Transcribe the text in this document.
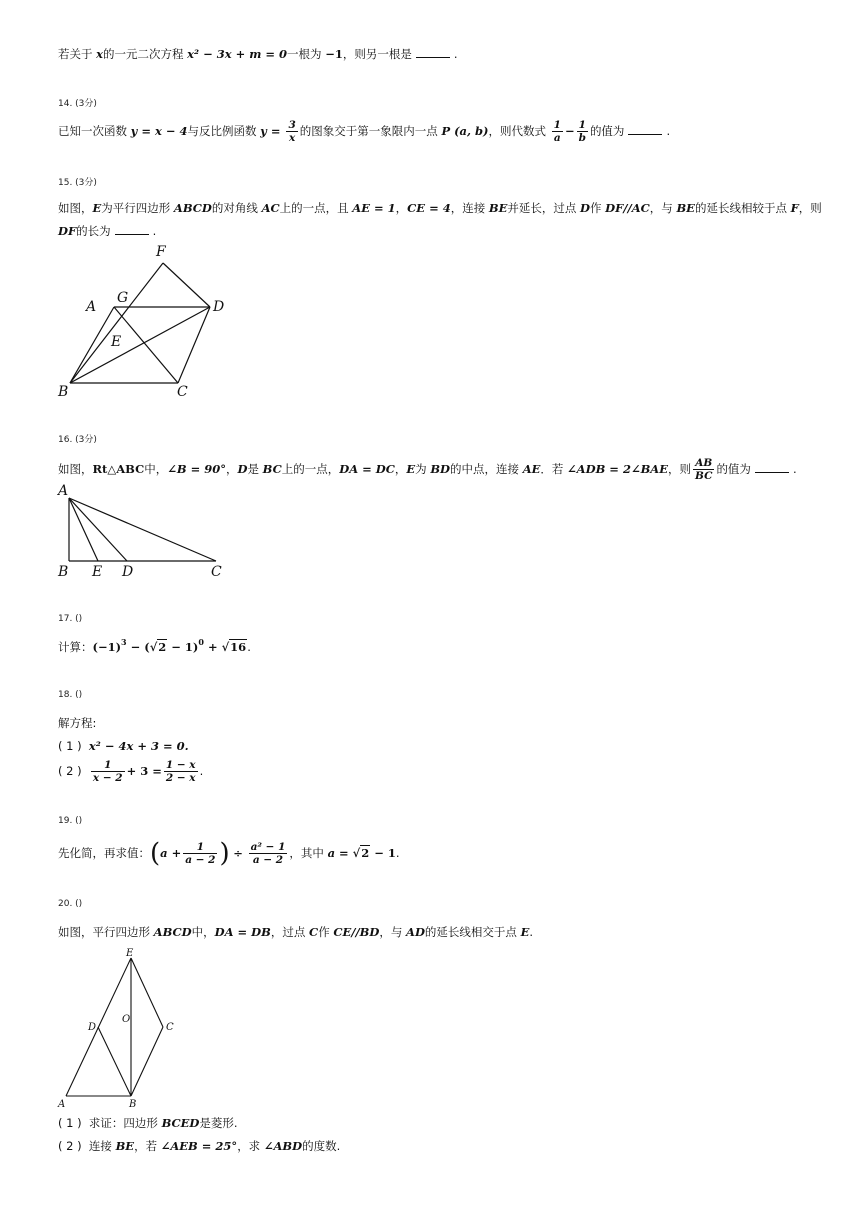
若关于 x的一元二次方程 x² − 3x + m = 0一根为 −1，则另一根是	.
14. (3分)
已知一次函数 y = x − 4与反比例函数 $y = \frac{3}{x}$ 的图象交于第一象限内一点 P (a, b)，则代数式 $\frac{1}{a} - \frac{1}{b}$ 的值为	.
15. (3分)
如图，E为平行四边形 ABCD的对角线 AC上的一点，且 AE = 1，CE = 4，连接 BE并延长，过点 D作 DF//AC，与 BE的延长线相较于点 F，则
DF的长为	.
F
A
G
D
E
B	C
16. (3分)
如图，Rt△ABC中，∠B = 90°，D是 BC上的一点，DA = DC，E为 BD的中点，连接 AE．若 ∠ADB = 2∠BAE，则 $\frac{AB}{BC}$ 的值为	.
A
B E D	C
17. ()
计算：$(-1)^3 - (√2 - 1)^0 + √16$.
18. ()
解方程:
( 1 ) x² − 4x + 3 = 0.
( 2 ) $\frac{1}{x - 2} + 3 = \frac{1 - x}{2 - x}$ .
19. ()
先化简，再求值：($a + \frac{1}{a - 2}$ ) ÷ $\frac{\text{a² − 1}}{a - 2}$ ，其中 a = √2 − 1.
20. ()
如图，平行四边形 ABCD中，DA = DB，过点 C作 CE//BD，与 AD的延长线相交于点 E.
E
D
O
C
A	B
( 1 ) 求证：四边形 BCED是菱形.
( 2 ) 连接 BE，若 ∠AEB = 25°，求 ∠ABD的度数.
